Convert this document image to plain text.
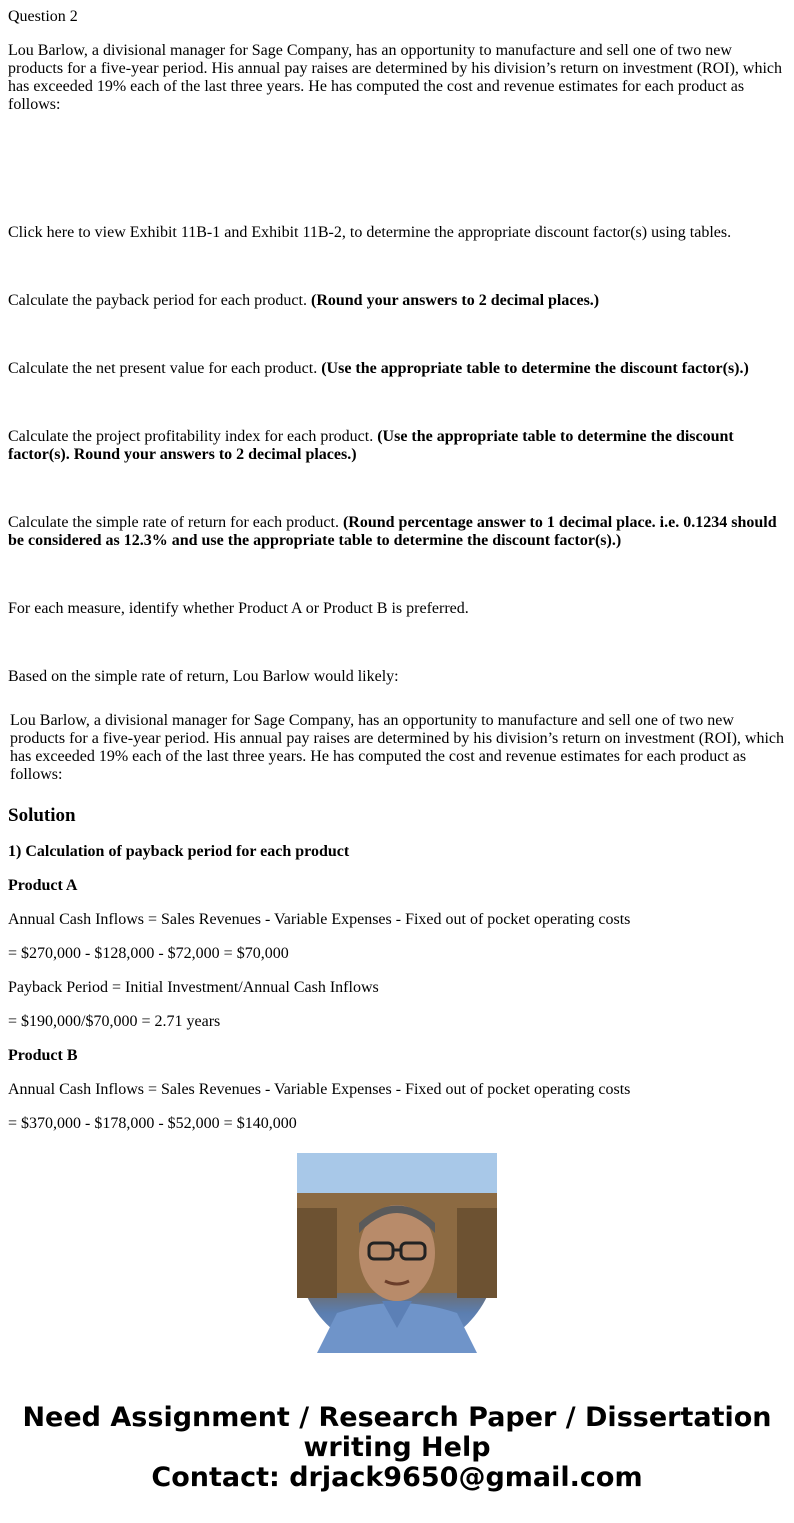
Question 2

Lou Barlow, a divisional manager for Sage Company, has an opportunity to manufacture and sell one of two new products for a five-year period. His annual pay raises are determined by his division’s return on investment (ROI), which has exceeded 19% each of the last three years. He has computed the cost and revenue estimates for each product as follows:

Click here to view Exhibit 11B-1 and Exhibit 11B-2, to determine the appropriate discount factor(s) using tables.

Calculate the payback period for each product. (Round your answers to 2 decimal places.)

Calculate the net present value for each product. (Use the appropriate table to determine the discount factor(s).)

Calculate the project profitability index for each product. (Use the appropriate table to determine the discount factor(s). Round your answers to 2 decimal places.)

Calculate the simple rate of return for each product. (Round percentage answer to 1 decimal place. i.e. 0.1234 should be considered as 12.3% and use the appropriate table to determine the discount factor(s).)

For each measure, identify whether Product A or Product B is preferred.

Based on the simple rate of return, Lou Barlow would likely:

Lou Barlow, a divisional manager for Sage Company, has an opportunity to manufacture and sell one of two new products for a five-year period. His annual pay raises are determined by his division’s return on investment (ROI), which has exceeded 19% each of the last three years. He has computed the cost and revenue estimates for each product as follows:

Solution

1) Calculation of payback period for each product

Product A

Annual Cash Inflows = Sales Revenues - Variable Expenses - Fixed out of pocket operating costs

= $270,000 - $128,000 - $72,000 = $70,000

Payback Period = Initial Investment/Annual Cash Inflows

= $190,000/$70,000 = 2.71 years

Product B

Annual Cash Inflows = Sales Revenues - Variable Expenses - Fixed out of pocket operating costs

= $370,000 - $178,000 - $52,000 = $140,000

Need Assignment / Research Paper / Dissertation
writing Help
Contact: drjack9650@gmail.com
